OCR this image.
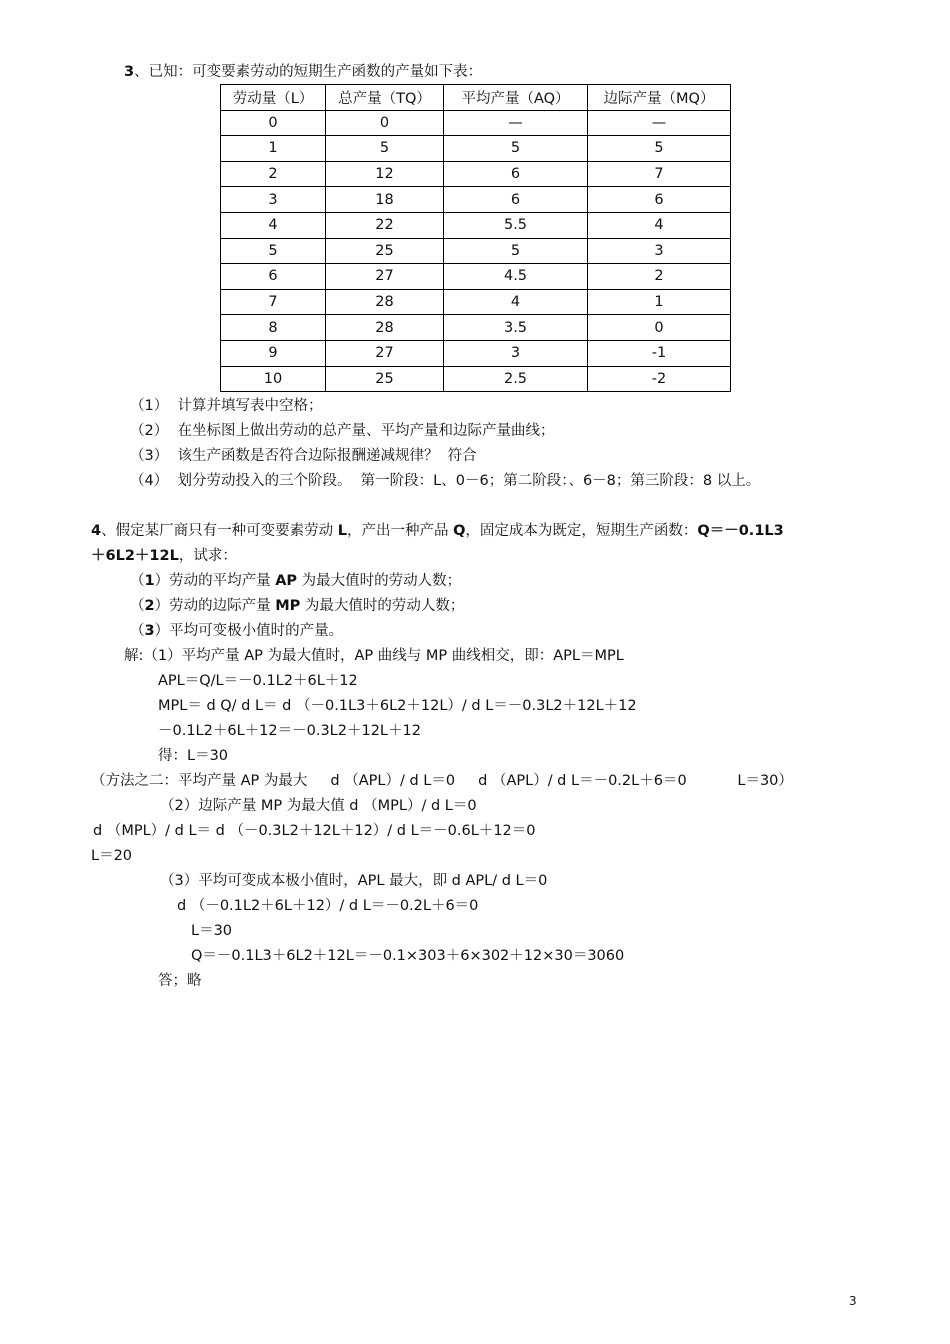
3、已知：可变要素劳动的短期生产函数的产量如下表：
劳动量（L）	总产量（TQ）	平均产量（AQ）	边际产量（MQ）
0	0	—	—
1	5	5	5
2	12	6	7
3	18	6	6
4	22	5.5	4
5	25	5	3
6	27	4.5	2
7	28	4	1
8	28	3.5	0
9	27	3	-1
10	25	2.5	-2
（1）  计算并填写表中空格；
（2）  在坐标图上做出劳动的总产量、平均产量和边际产量曲线；
（3）  该生产函数是否符合边际报酬递减规律？  符合
（4）  划分劳动投入的三个阶段。  第一阶段：L、0－6；第二阶段：、6－8；第三阶段：8 以上。
4、假定某厂商只有一种可变要素劳动 L，产出一种产品 Q，固定成本为既定，短期生产函数：Q＝－0.1L3
＋6L2＋12L，试求：
（1）劳动的平均产量 AP 为最大值时的劳动人数；
（2）劳动的边际产量 MP 为最大值时的劳动人数；
（3）平均可变极小值时的产量。
解:（1）平均产量 AP 为最大值时，AP 曲线与 MP 曲线相交，即：APL＝MPL
APL＝Q/L＝－0.1L2＋6L＋12
MPL＝ d Q/ d L＝ d （－0.1L3＋6L2＋12L）/ d L＝－0.3L2＋12L＋12
－0.1L2＋6L＋12＝－0.3L2＋12L＋12
得：L＝30
（方法之二：平均产量 AP 为最大     d （APL）/ d L＝0     d （APL）/ d L＝－0.2L＋6＝0           L＝30）
（2）边际产量 MP 为最大值 d （MPL）/ d L＝0
d （MPL）/ d L＝ d （－0.3L2＋12L＋12）/ d L＝－0.6L＋12＝0
L＝20
（3）平均可变成本极小值时，APL 最大，即 d APL/ d L＝0
d （－0.1L2＋6L＋12）/ d L＝－0.2L＋6＝0
L＝30
Q＝－0.1L3＋6L2＋12L＝－0.1×303＋6×302＋12×30＝3060
答；略
3
